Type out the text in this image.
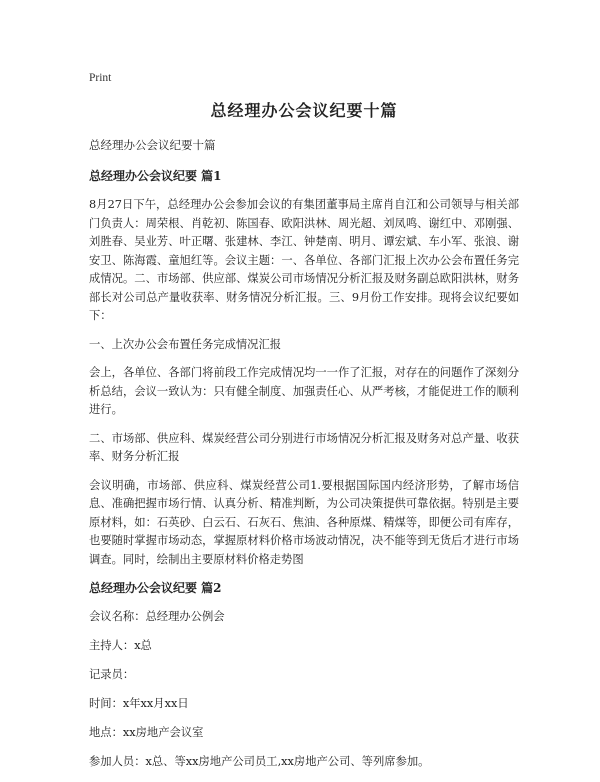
Print
总经理办公会议纪要十篇
总经理办公会议纪要十篇
总经理办公会议纪要 篇1

8月27日下午，总经理办公会参加会议的有集团董事局主席肖自江和公司领导与相关部门负责人：周荣根、肖乾初、陈国春、欧阳洪林、周光超、刘凤鸣、谢红中、邓刚强、刘胜春、吴业芳、叶正曙、张建林、李江、钟楚南、明月、谭宏斌、车小军、张浪、谢安卫、陈海霞、童旭红等。会议主题：一、各单位、各部门汇报上次办公会布置任务完成情况。二、市场部、供应部、煤炭公司市场情况分析汇报及财务副总欧阳洪林，财务部长对公司总产量收获率、财务情况分析汇报。三、9月份工作安排。现将会议纪要如下：

一、上次办公会布置任务完成情况汇报

会上，各单位、各部门将前段工作完成情况均一一作了汇报，对存在的问题作了深刻分析总结，会议一致认为：只有健全制度、加强责任心、从严考核，才能促进工作的顺利进行。

二、市场部、供应科、煤炭经营公司分别进行市场情况分析汇报及财务对总产量、收获率、财务分析汇报

会议明确，市场部、供应科、煤炭经营公司1.要根据国际国内经济形势，了解市场信息、准确把握市场行情、认真分析、精准判断，为公司决策提供可靠依据。特别是主要原材料，如：石英砂、白云石、石灰石、焦油、各种原煤、精煤等，即便公司有库存，也要随时掌握市场动态，掌握原材料价格市场波动情况，决不能等到无货后才进行市场调查。同时，绘制出主要原材料价格走势图

总经理办公会议纪要 篇2

会议名称：总经理办公例会

主持人：x总

记录员：

时间：x年xx月xx日

地点：xx房地产会议室

参加人员：x总、等xx房地产公司员工,xx房地产公司、等列席参加。
